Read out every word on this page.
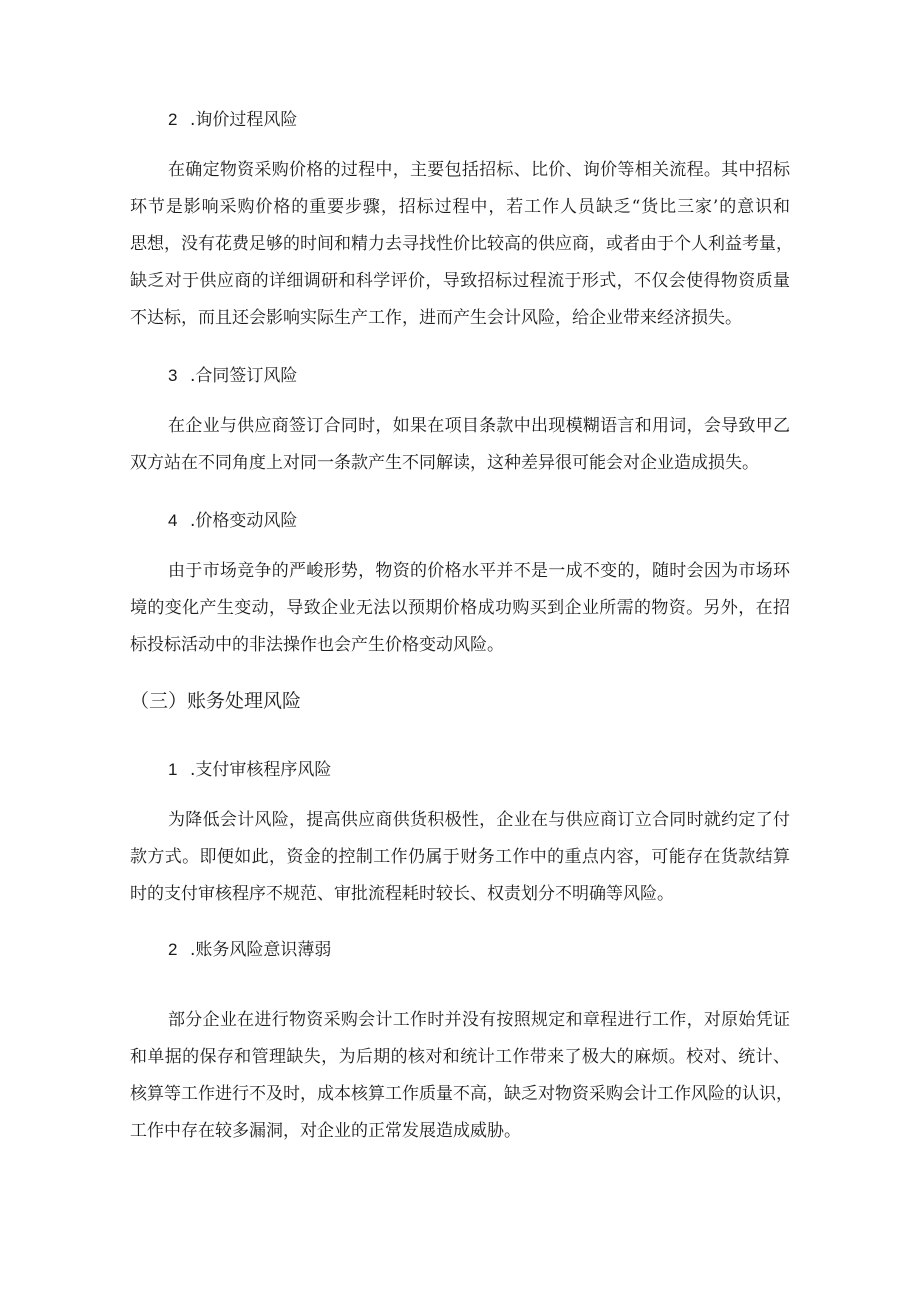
2 .询价过程风险
在确定物资采购价格的过程中，主要包括招标、比价、询价等相关流程。其中招标
环节是影响采购价格的重要步骤，招标过程中，若工作人员缺乏“货比三家’的意识和
思想，没有花费足够的时间和精力去寻找性价比较高的供应商，或者由于个人利益考量，
缺乏对于供应商的详细调研和科学评价，导致招标过程流于形式，不仅会使得物资质量
不达标，而且还会影响实际生产工作，进而产生会计风险，给企业带来经济损失。
3 .合同签订风险
在企业与供应商签订合同时，如果在项目条款中出现模糊语言和用词，会导致甲乙
双方站在不同角度上对同一条款产生不同解读，这种差异很可能会对企业造成损失。
4 .价格变动风险
由于市场竞争的严峻形势，物资的价格水平并不是一成不变的，随时会因为市场环
境的变化产生变动，导致企业无法以预期价格成功购买到企业所需的物资。另外，在招
标投标活动中的非法操作也会产生价格变动风险。
（三）账务处理风险
1 .支付审核程序风险
为降低会计风险，提高供应商供货积极性，企业在与供应商订立合同时就约定了付
款方式。即便如此，资金的控制工作仍属于财务工作中的重点内容，可能存在货款结算
时的支付审核程序不规范、审批流程耗时较长、权责划分不明确等风险。
2 .账务风险意识薄弱
部分企业在进行物资采购会计工作时并没有按照规定和章程进行工作，对原始凭证
和单据的保存和管理缺失，为后期的核对和统计工作带来了极大的麻烦。校对、统计、
核算等工作进行不及时，成本核算工作质量不高，缺乏对物资采购会计工作风险的认识，
工作中存在较多漏洞，对企业的正常发展造成威胁。
